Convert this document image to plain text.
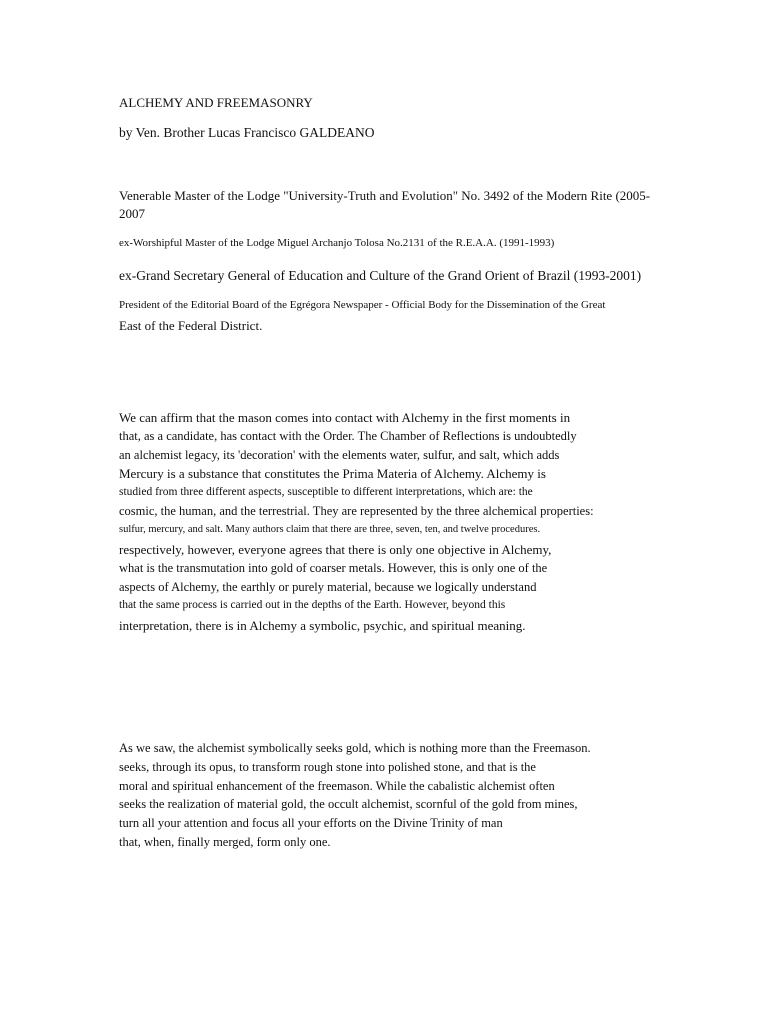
ALCHEMY AND FREEMASONRY
by Ven. Brother Lucas Francisco GALDEANO
Venerable Master of the Lodge "University-Truth and Evolution" No. 3492 of the Modern Rite (2005-
2007
ex-Worshipful Master of the Lodge Miguel Archanjo Tolosa No.2131 of the R.E.A.A. (1991-1993)
ex-Grand Secretary General of Education and Culture of the Grand Orient of Brazil (1993-2001)
President of the Editorial Board of the Egrégora Newspaper - Official Body for the Dissemination of the Great
East of the Federal District.
We can affirm that the mason comes into contact with Alchemy in the first moments in
that, as a candidate, has contact with the Order. The Chamber of Reflections is undoubtedly
an alchemist legacy, its 'decoration' with the elements water, sulfur, and salt, which adds
Mercury is a substance that constitutes the Prima Materia of Alchemy. Alchemy is
studied from three different aspects, susceptible to different interpretations, which are: the
cosmic, the human, and the terrestrial. They are represented by the three alchemical properties:
sulfur, mercury, and salt. Many authors claim that there are three, seven, ten, and twelve procedures.
respectively, however, everyone agrees that there is only one objective in Alchemy,
what is the transmutation into gold of coarser metals. However, this is only one of the
aspects of Alchemy, the earthly or purely material, because we logically understand
that the same process is carried out in the depths of the Earth. However, beyond this
interpretation, there is in Alchemy a symbolic, psychic, and spiritual meaning.
As we saw, the alchemist symbolically seeks gold, which is nothing more than the Freemason.
seeks, through its opus, to transform rough stone into polished stone, and that is the
moral and spiritual enhancement of the freemason. While the cabalistic alchemist often
seeks the realization of material gold, the occult alchemist, scornful of the gold from mines,
turn all your attention and focus all your efforts on the Divine Trinity of man
that, when, finally merged, form only one.
